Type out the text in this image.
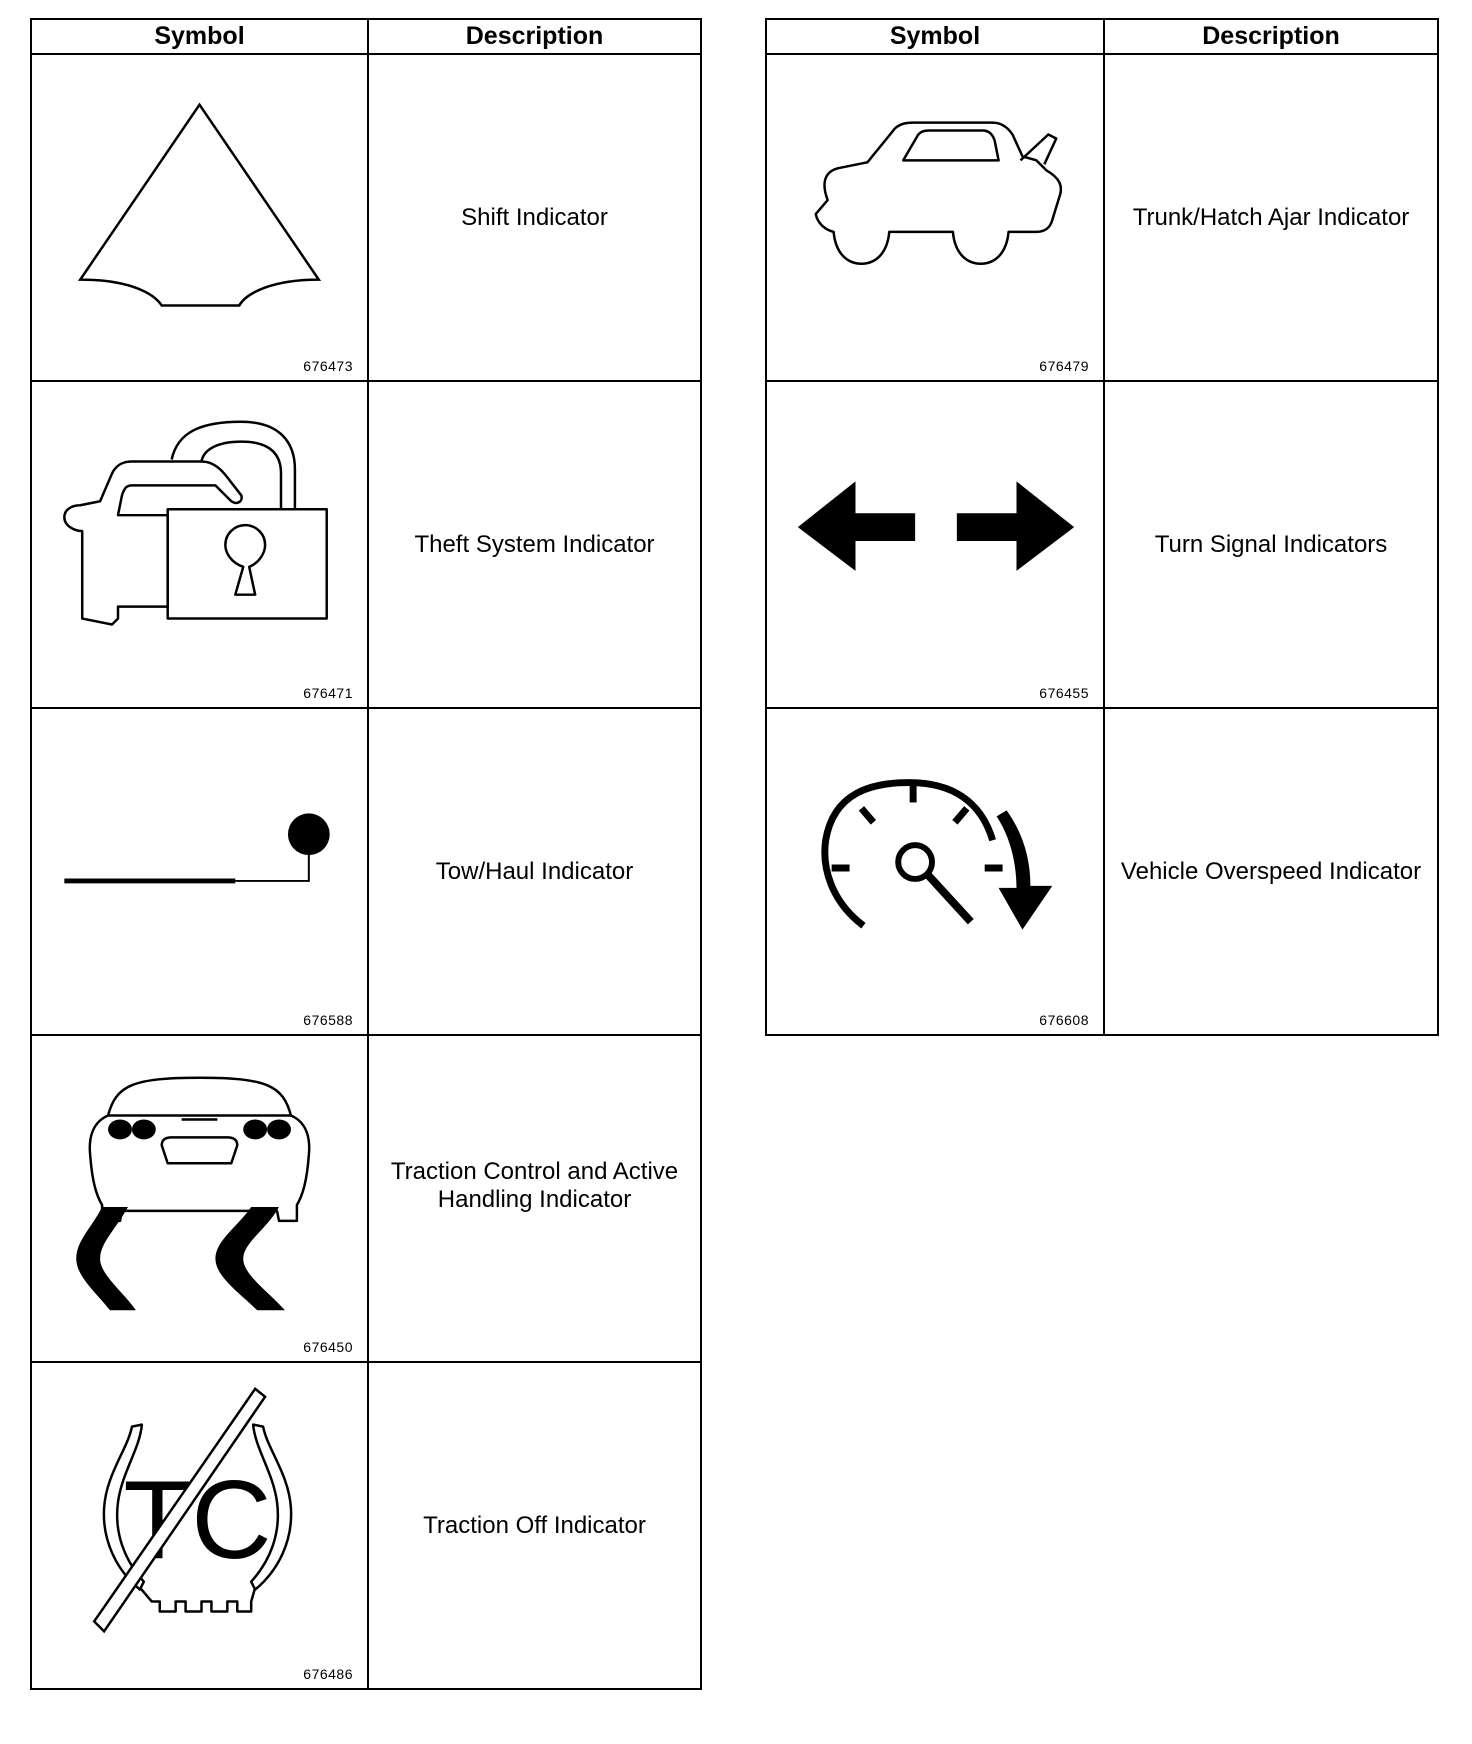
Symbol	Description

676473	Shift Indicator

676471	Theft System Indicator

676588	Tow/Haul Indicator

676450	Traction Control and Active Handling Indicator

TC
676486	Traction Off Indicator
Symbol	Description

676479	Trunk/Hatch Ajar Indicator

676455	Turn Signal Indicators

676608	Vehicle Overspeed Indicator
